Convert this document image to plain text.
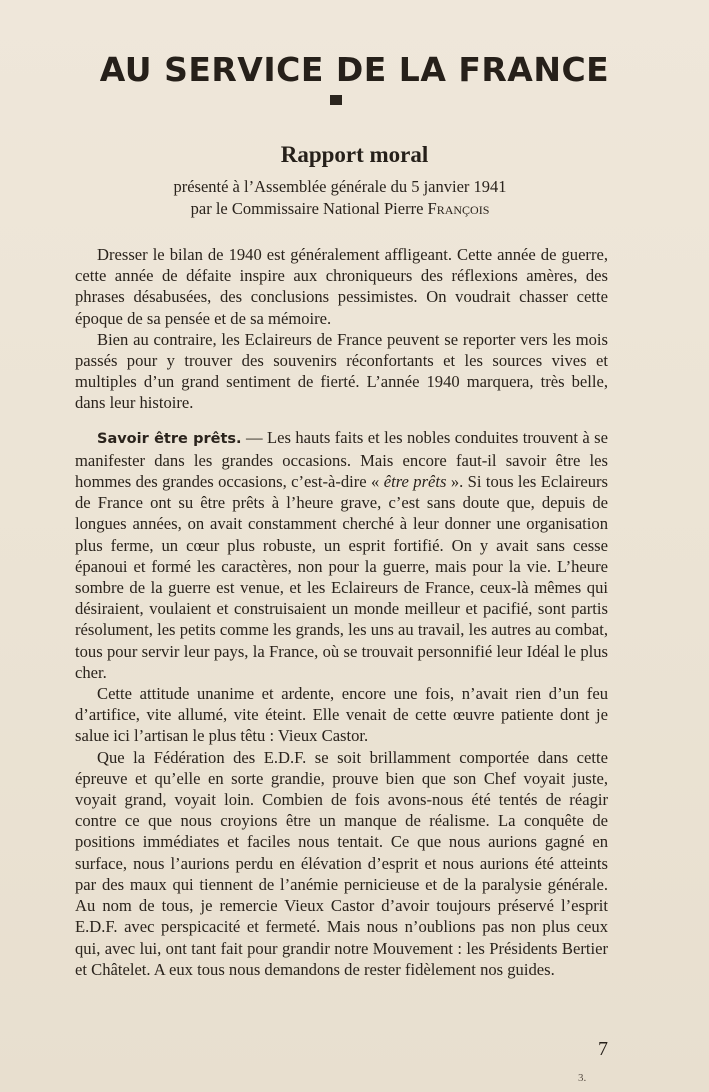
AU SERVICE DE LA FRANCE
Rapport moral
présenté à l’Assemblée générale du 5 janvier 1941
par le Commissaire National Pierre François

Dresser le bilan de 1940 est généralement affligeant. Cette année de guerre, cette année de défaite inspire aux chroniqueurs des réflexions amères, des phrases désabusées, des conclusions pessimistes. On voudrait chasser cette époque de sa pensée et de sa mémoire.

Bien au contraire, les Eclaireurs de France peuvent se reporter vers les mois passés pour y trouver des souvenirs réconfortants et les sources vives et multiples d’un grand sentiment de fierté. L’année 1940 marquera, très belle, dans leur histoire.

Savoir être prêts. — Les hauts faits et les nobles conduites trouvent à se manifester dans les grandes occasions. Mais encore faut-il savoir être les hommes des grandes occasions, c’est-à-dire « être prêts ». Si tous les Eclaireurs de France ont su être prêts à l’heure grave, c’est sans doute que, depuis de longues années, on avait constamment cherché à leur donner une organisation plus ferme, un cœur plus robuste, un esprit fortifié. On y avait sans cesse épanoui et formé les caractères, non pour la guerre, mais pour la vie. L’heure sombre de la guerre est venue, et les Eclaireurs de France, ceux-là mêmes qui désiraient, voulaient et construisaient un monde meilleur et pacifié, sont partis résolument, les petits comme les grands, les uns au travail, les autres au combat, tous pour servir leur pays, la France, où se trouvait personnifié leur Idéal le plus cher.

Cette attitude unanime et ardente, encore une fois, n’avait rien d’un feu d’artifice, vite allumé, vite éteint. Elle venait de cette œuvre patiente dont je salue ici l’artisan le plus têtu : Vieux Castor.

Que la Fédération des E.D.F. se soit brillamment comportée dans cette épreuve et qu’elle en sorte grandie, prouve bien que son Chef voyait juste, voyait grand, voyait loin. Combien de fois avons-nous été tentés de réagir contre ce que nous croyions être un manque de réalisme. La conquête de positions immédiates et faciles nous tentait. Ce que nous aurions gagné en surface, nous l’aurions perdu en élévation d’esprit et nous aurions été atteints par des maux qui tiennent de l’anémie pernicieuse et de la paralysie générale. Au nom de tous, je remercie Vieux Castor d’avoir toujours préservé l’esprit E.D.F. avec perspicacité et fermeté. Mais nous n’oublions pas non plus ceux qui, avec lui, ont tant fait pour grandir notre Mouvement : les Présidents Bertier et Châtelet. A eux tous nous demandons de rester fidèlement nos guides.

7
3.
